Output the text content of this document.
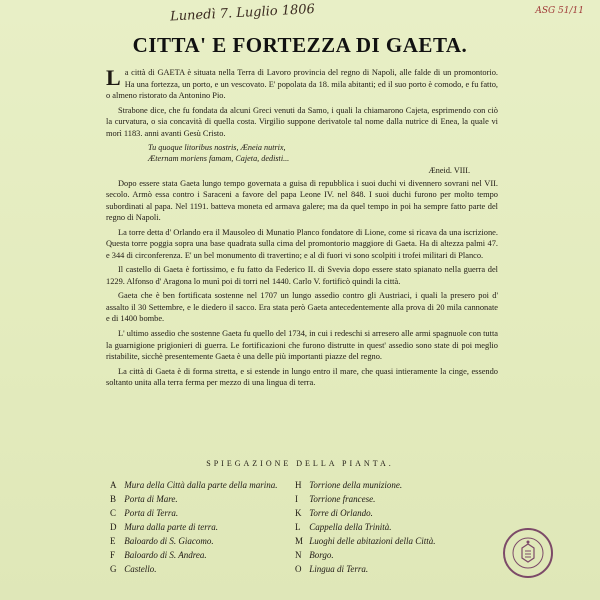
Lunedì 7. Luglio 1806	ASG 51/11
CITTA' E FORTEZZA DI GAETA.

La città di GAETA è situata nella Terra di Lavoro provincia del regno di Napoli, alle falde di un promontorio. Ha una fortezza, un porto, e un vescovato. E' popolata da 18. mila abitanti; ed il suo porto è comodo, e fu fatto, o almeno ristorato da Antonino Pio.

Strabone dice, che fu fondata da alcuni Greci venuti da Samo, i quali la chiamarono Cajeta, esprimendo con ciò la curvatura, o sia concavità di quella costa. Virgilio suppone derivatole tal nome dalla nutrice di Enea, la quale vi morì 1183. anni avanti Gesù Cristo.

Tu quoque litoribus nostris, Æneia nutrix,
Æternam moriens famam, Cajeta, dedisti...
Æneid. VIII.

Dopo essere stata Gaeta lungo tempo governata a guisa di repubblica i suoi duchi vi divennero sovrani nel VII. secolo. Armò essa contro i Saraceni a favore del papa Leone IV. nel 848. I suoi duchi furono per molto tempo subordinati al papa. Nel 1191. batteva moneta ed armava galere; ma da quel tempo in poi ha sempre fatto parte del regno di Napoli.

La torre detta d' Orlando era il Mausoleo di Munatio Planco fondatore di Lione, come si ricava da una iscrizione. Questa torre poggia sopra una base quadrata sulla cima del promontorio maggiore di Gaeta. Ha di altezza palmi 47. e 344 di circonferenza. E' un bel monumento di travertino; e al di fuori vi sono scolpiti i trofei militari di Planco.

Il castello di Gaeta è fortissimo, e fu fatto da Federico II. di Svevia dopo essere stato spianato nella guerra del 1229. Alfonso d' Aragona lo munì poi di torri nel 1440. Carlo V. fortificò quindi la città.

Gaeta che è ben fortificata sostenne nel 1707 un lungo assedio contro gli Austriaci, i quali la presero poi d' assalto il 30 Settembre, e le diedero il sacco. Era stata però Gaeta antecedentemente alla prova di 20 mila cannonate e di 1400 bombe.

L' ultimo assedio che sostenne Gaeta fu quello del 1734, in cui i redeschi si arresero alle armi spagnuole con tutta la guarnigione prigionieri di guerra. Le fortificazioni che furono distrutte in quest' assedio sono state di poi meglio ristabilite, sicchè presentemente Gaeta è una delle più importanti piazze del regno.

La città di Gaeta è di forma stretta, e si estende in lungo entro il mare, che quasi intieramente la cinge, essendo soltanto unita alla terra ferma per mezzo di una lingua di terra.

SPIEGAZIONE DELLA PIANTA.
A Mura della Città dalla parte della marina.
B Porta di Mare.
C Porta di Terra.
D Mura dalla parte di terra.
E Baloardo di S. Giacomo.
F Baloardo di S. Andrea.
G Castello.
H Torrione della munizione.
I Torrione francese.
K Torre di Orlando.
L Cappella della Trinità.
M Luoghi delle abitazioni della Città.
N Borgo.
O Lingua di Terra.
